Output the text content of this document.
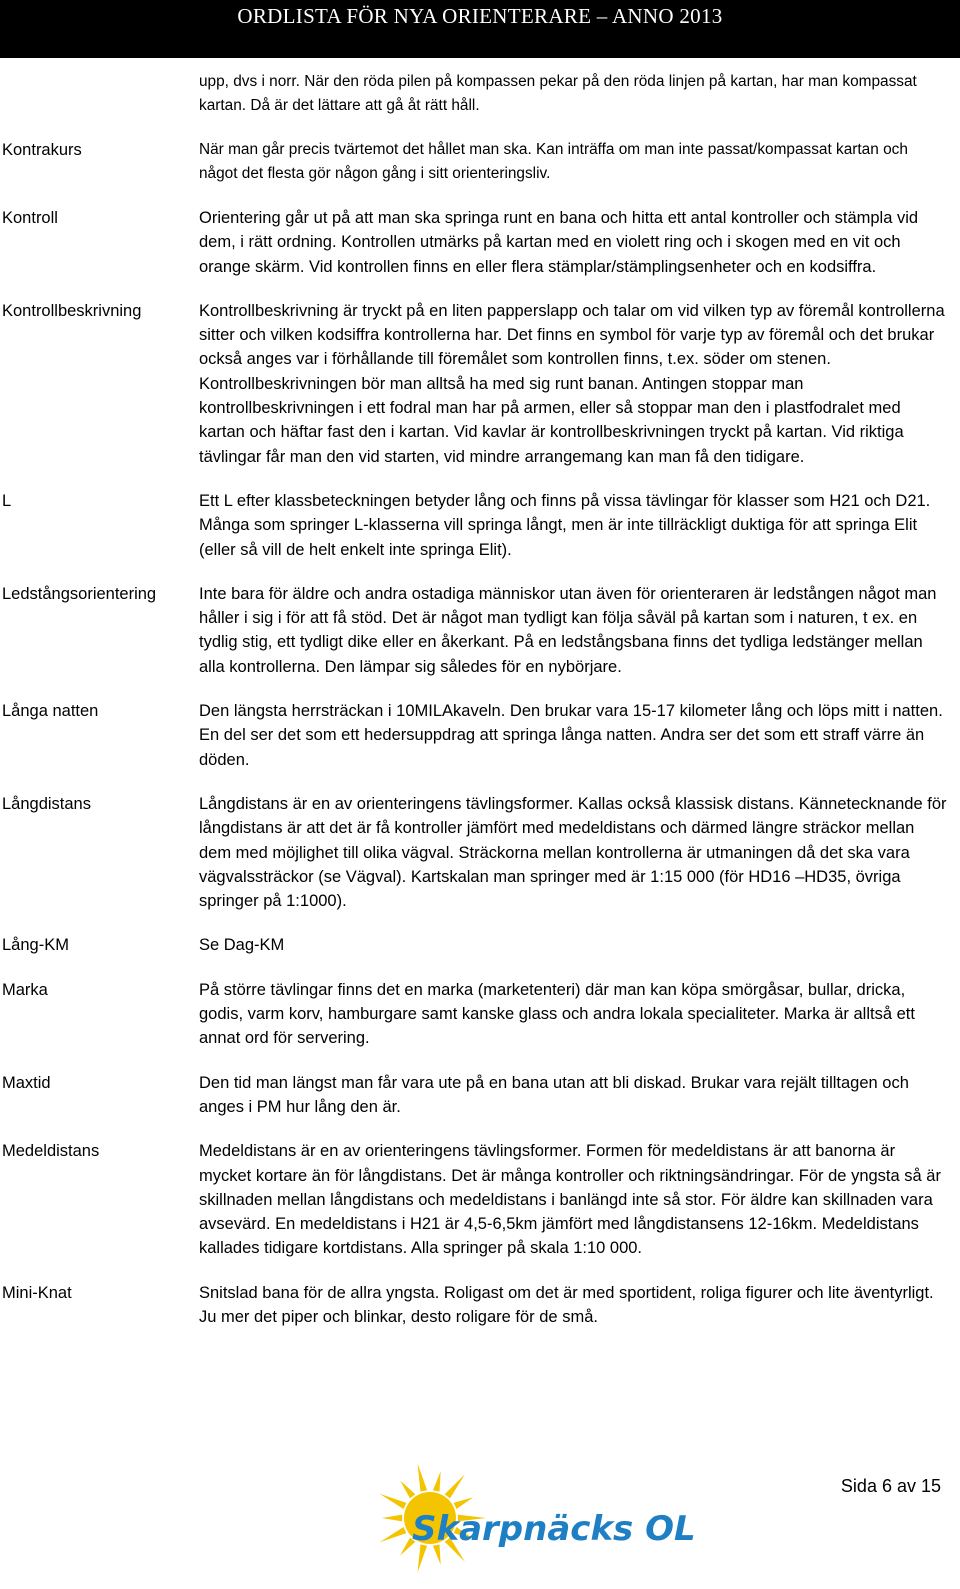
ORDLISTA FÖR NYA ORIENTERARE – ANNO 2013
upp, dvs i norr. När den röda pilen på kompassen pekar på den röda linjen på kartan, har man kompassat kartan. Då är det lättare att gå åt rätt håll.
Kontrakurs	När man går precis tvärtemot det hållet man ska. Kan inträffa om man inte passat/kompassat kartan och något det flesta gör någon gång i sitt orienteringsliv.
Kontroll	Orientering går ut på att man ska springa runt en bana och hitta ett antal kontroller och stämpla vid dem, i rätt ordning. Kontrollen utmärks på kartan med en violett ring och i skogen med en vit och orange skärm. Vid kontrollen finns en eller flera stämplar/stämplingsenheter och en kodsiffra.
Kontrollbeskrivning	Kontrollbeskrivning är tryckt på en liten papperslapp och talar om vid vilken typ av föremål kontrollerna sitter och vilken kodsiffra kontrollerna har. Det finns en symbol för varje typ av föremål och det brukar också anges var i förhållande till föremålet som kontrollen finns, t.ex. söder om stenen. Kontrollbeskrivningen bör man alltså ha med sig runt banan. Antingen stoppar man kontrollbeskrivningen i ett fodral man har på armen, eller så stoppar man den i plastfodralet med kartan och häftar fast den i kartan. Vid kavlar är kontrollbeskrivningen tryckt på kartan. Vid riktiga tävlingar får man den vid starten, vid mindre arrangemang kan man få den tidigare.
L	Ett L efter klassbeteckningen betyder lång och finns på vissa tävlingar för klasser som H21 och D21. Många som springer L-klasserna vill springa långt, men är inte tillräckligt duktiga för att springa Elit (eller så vill de helt enkelt inte springa Elit).
Ledstångsorientering	Inte bara för äldre och andra ostadiga människor utan även för orienteraren är ledstången något man håller i sig i för att få stöd. Det är något man tydligt kan följa såväl på kartan som i naturen, t ex. en tydlig stig, ett tydligt dike eller en åkerkant. På en ledstångsbana finns det tydliga ledstänger mellan alla kontrollerna. Den lämpar sig således för en nybörjare.
Långa natten	Den längsta herrsträckan i 10MILAkaveln. Den brukar vara 15-17 kilometer lång och löps mitt i natten. En del ser det som ett hedersuppdrag att springa långa natten. Andra ser det som ett straff värre än döden.
Långdistans	Långdistans är en av orienteringens tävlingsformer. Kallas också klassisk distans. Kännetecknande för långdistans är att det är få kontroller jämfört med medeldistans och därmed längre sträckor mellan dem med möjlighet till olika vägval. Sträckorna mellan kontrollerna är utmaningen då det ska vara vägvalssträckor (se Vägval). Kartskalan man springer med är 1:15 000 (för HD16 –HD35, övriga springer på 1:1000).
Lång-KM	Se Dag-KM
Marka	På större tävlingar finns det en marka (marketenteri) där man kan köpa smörgåsar, bullar, dricka, godis, varm korv, hamburgare samt kanske glass och andra lokala specialiteter. Marka är alltså ett annat ord för servering.
Maxtid	Den tid man längst man får vara ute på en bana utan att bli diskad. Brukar vara rejält tilltagen och anges i PM hur lång den är.
Medeldistans	Medeldistans är en av orienteringens tävlingsformer. Formen för medeldistans är att banorna är mycket kortare än för långdistans. Det är många kontroller och riktningsändringar. För de yngsta så är skillnaden mellan långdistans och medeldistans i banlängd inte så stor. För äldre kan skillnaden vara avsevärd. En medeldistans i H21 är 4,5-6,5km jämfört med långdistansens 12-16km. Medeldistans kallades tidigare kortdistans. Alla springer på skala 1:10 000.
Mini-Knat	Snitslad bana för de allra yngsta. Roligast om det är med sportident, roliga figurer och lite äventyrligt. Ju mer det piper och blinkar, desto roligare för de små.
Sida 6 av 15
Skarpnäcks OL
